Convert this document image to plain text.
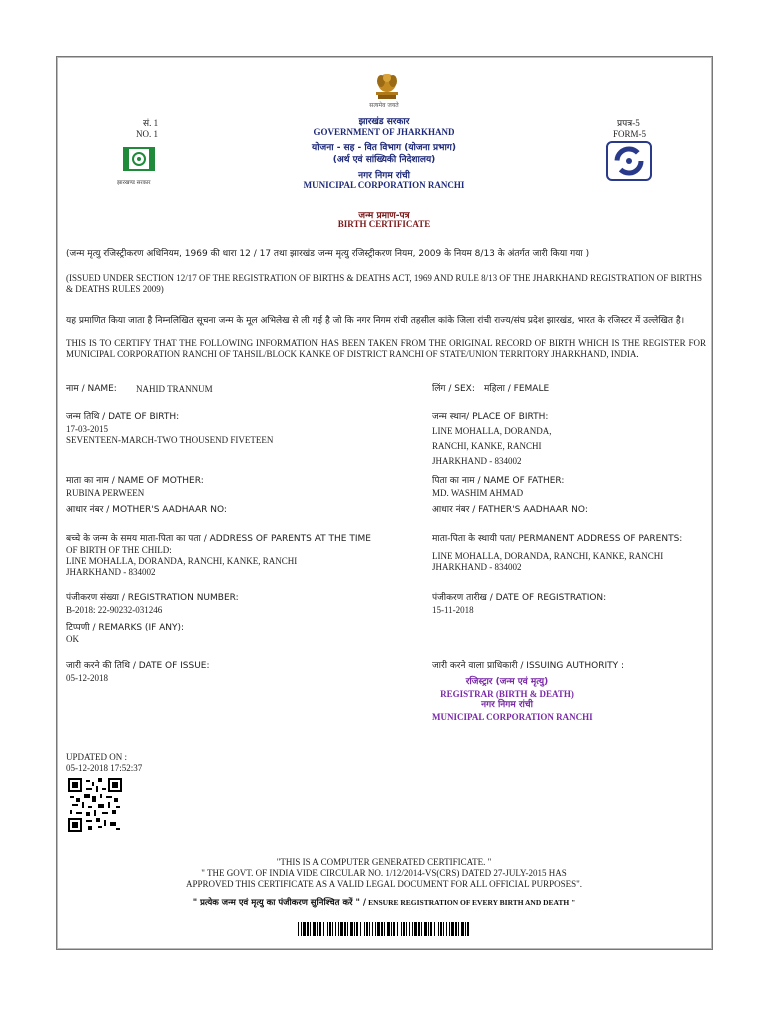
सत्यमेव जयते
सं. 1
NO. 1
प्रपत्र-5
FORM-5
झारखंड सरकार
GOVERNMENT OF JHARKHAND
योजना - सह - वित विभाग (योजना प्रभाग)
(अर्थ एवं सांख्यिकी निदेशालय)
नगर निगम रांची
MUNICIPAL CORPORATION RANCHI
झारखण्ड सरकार
जन्म प्रमाण-पत्र
BIRTH CERTIFICATE
(जन्म मृत्यु रजिस्ट्रीकरण अधिनियम, 1969 की धारा 12 / 17 तथा झारखंड जन्म मृत्यु रजिस्ट्रीकरण नियम, 2009 के नियम 8/13 के अंतर्गत जारी किया गया )
(ISSUED UNDER SECTION 12/17 OF THE REGISTRATION OF BIRTHS & DEATHS ACT, 1969 AND RULE 8/13 OF THE JHARKHAND REGISTRATION OF BIRTHS & DEATHS RULES 2009)
यह प्रमाणित किया जाता है निम्नलिखित सूचना जन्म के मूल अभिलेख से ली गई है जो कि नगर निगम रांची तहसील कांके जिला रांची राज्य/संघ प्रदेश झारखंड, भारत के रजिस्टर में उल्लेखित है।
THIS IS TO CERTIFY THAT THE FOLLOWING INFORMATION HAS BEEN TAKEN FROM THE ORIGINAL RECORD OF BIRTH WHICH IS THE REGISTER FOR MUNICIPAL CORPORATION RANCHI OF TAHSIL/BLOCK KANKE OF DISTRICT RANCHI OF STATE/UNION TERRITORY JHARKHAND, INDIA.
नाम / NAME: NAHID TRANNUM	लिंग / SEX: महिला / FEMALE
जन्म तिथि / DATE OF BIRTH:
17-03-2015
SEVENTEEN-MARCH-TWO THOUSEND FIVETEEN
जन्म स्थान/ PLACE OF BIRTH:
LINE MOHALLA, DORANDA,
RANCHI, KANKE, RANCHI
JHARKHAND - 834002
माता का नाम / NAME OF MOTHER:
RUBINA PERWEEN
पिता का नाम / NAME OF FATHER:
MD. WASHIM AHMAD
आधार नंबर / MOTHER'S AADHAAR NO:	आधार नंबर / FATHER'S AADHAAR NO:
बच्चे के जन्म के समय माता-पिता का पता / ADDRESS OF PARENTS AT THE TIME
OF BIRTH OF THE CHILD:
LINE MOHALLA, DORANDA, RANCHI, KANKE, RANCHI
JHARKHAND - 834002
माता-पिता के स्थायी पता/ PERMANENT ADDRESS OF PARENTS:
LINE MOHALLA, DORANDA, RANCHI, KANKE, RANCHI
JHARKHAND - 834002
पंजीकरण संख्या / REGISTRATION NUMBER:
B-2018: 22-90232-031246
पंजीकरण तारीख / DATE OF REGISTRATION:
15-11-2018
टिप्पणी / REMARKS (IF ANY):
OK
जारी करने की तिथि / DATE OF ISSUE:
05-12-2018
जारी करने वाला प्राधिकारी / ISSUING AUTHORITY :
रजिस्ट्रार (जन्म एवं मृत्यु)
REGISTRAR (BIRTH & DEATH)
नगर निगम रांची
MUNICIPAL CORPORATION RANCHI
UPDATED ON :
05-12-2018 17:52:37
"THIS IS A COMPUTER GENERATED CERTIFICATE. "
" THE GOVT. OF INDIA VIDE CIRCULAR NO. 1/12/2014-VS(CRS) DATED 27-JULY-2015 HAS
APPROVED THIS CERTIFICATE AS A VALID LEGAL DOCUMENT FOR ALL OFFICIAL PURPOSES".
" प्रत्येक जन्म एवं मृत्यु का पंजीकरण सुनिश्चित करें " / ENSURE REGISTRATION OF EVERY BIRTH AND DEATH "
